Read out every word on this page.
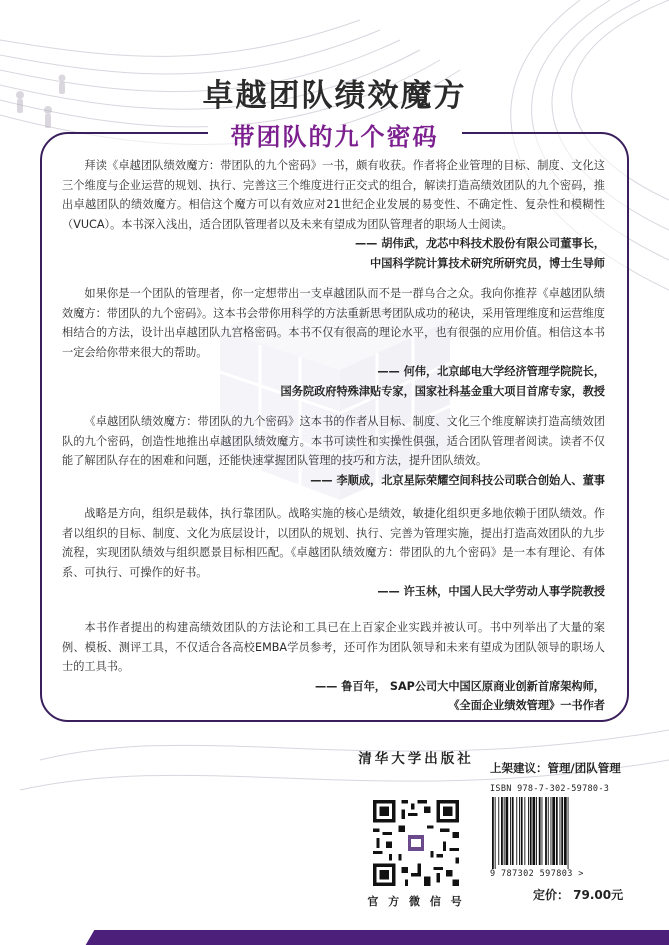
卓越团队绩效魔方
带团队的九个密码

拜读《卓越团队绩效魔方：带团队的九个密码》一书，颇有收获。作者将企业管理的目标、制度、文化这三个维度与企业运营的规划、执行、完善这三个维度进行正交式的组合，解读打造高绩效团队的九个密码，推出卓越团队的绩效魔方。相信这个魔方可以有效应对21世纪企业发展的易变性、不确定性、复杂性和模糊性（VUCA）。本书深入浅出，适合团队管理者以及未来有望成为团队管理者的职场人士阅读。

—— 胡伟武，龙芯中科技术股份有限公司董事长，

中国科学院计算技术研究所研究员，博士生导师

如果你是一个团队的管理者，你一定想带出一支卓越团队而不是一群乌合之众。我向你推荐《卓越团队绩效魔方：带团队的九个密码》。这本书会带你用科学的方法重新思考团队成功的秘诀，采用管理维度和运营维度相结合的方法，设计出卓越团队九宫格密码。本书不仅有很高的理论水平，也有很强的应用价值。相信这本书一定会给你带来很大的帮助。

—— 何伟，北京邮电大学经济管理学院院长，

国务院政府特殊津贴专家，国家社科基金重大项目首席专家，教授

《卓越团队绩效魔方：带团队的九个密码》这本书的作者从目标、制度、文化三个维度解读打造高绩效团队的九个密码，创造性地推出卓越团队绩效魔方。本书可读性和实操性俱强，适合团队管理者阅读。读者不仅能了解团队存在的困难和问题，还能快速掌握团队管理的技巧和方法，提升团队绩效。

—— 李顺成，北京星际荣耀空间科技公司联合创始人、董事

战略是方向，组织是载体，执行靠团队。战略实施的核心是绩效，敏捷化组织更多地依赖于团队绩效。作者以组织的目标、制度、文化为底层设计，以团队的规划、执行、完善为管理实施，提出打造高效团队的九步流程，实现团队绩效与组织愿景目标相匹配。《卓越团队绩效魔方：带团队的九个密码》是一本有理论、有体系、可执行、可操作的好书。

—— 许玉林，中国人民大学劳动人事学院教授

本书作者提出的构建高绩效团队的方法论和工具已在上百家企业实践并被认可。书中列举出了大量的案例、模板、测评工具，不仅适合各高校EMBA学员参考，还可作为团队领导和未来有望成为团队领导的职场人士的工具书。

—— 鲁百年， SAP公司大中国区原商业创新首席架构师，

《全面企业绩效管理》一书作者

清华大学出版社

官 方 微 信 号
上架建议：管理/团队管理
ISBN 978-7-302-59780-3
9 787302 597803 >
定价： 79.00元
